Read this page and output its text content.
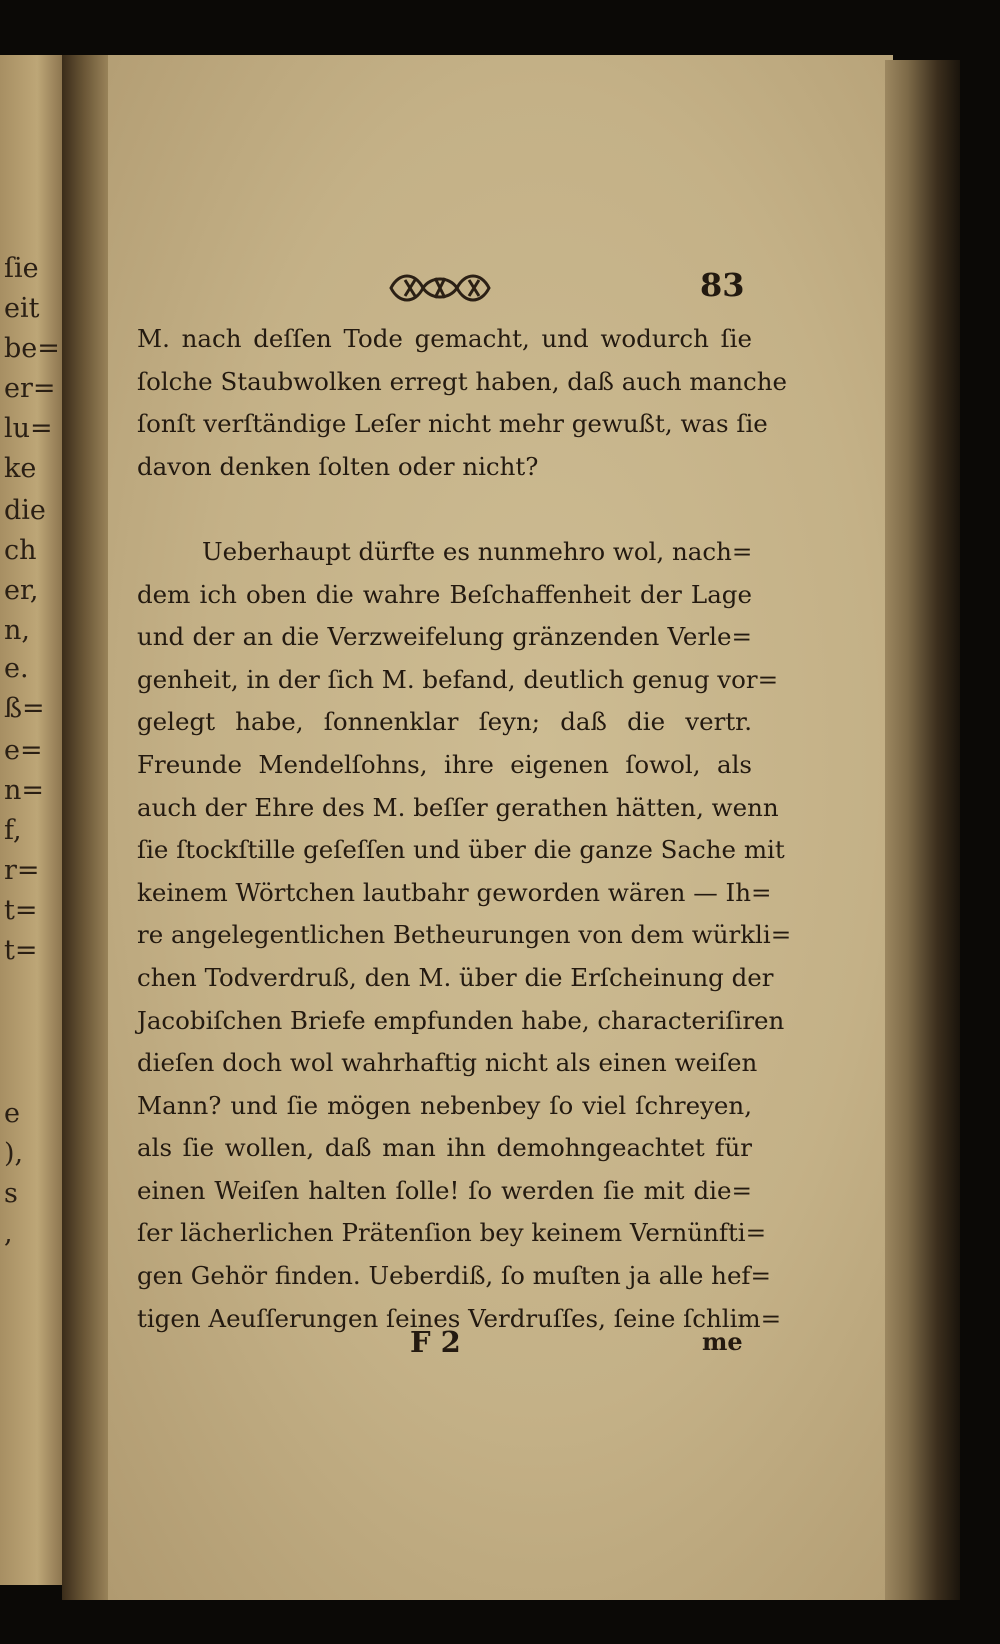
ſie
eit
be=
er=
lu=
ke
die
ch
er,
n,
e.
ß=
e=
n=
f,
r=
t=
t=
e
),
s
,
83
M. nach deſſen Tode gemacht, und wodurch ſie
ſolche Staubwolken erregt haben, daß auch manche
ſonſt verſtändige Leſer nicht mehr gewußt, was ſie
davon denken ſolten oder nicht?
Ueberhaupt dürfte es nunmehro wol, nach=
dem ich oben die wahre Beſchaffenheit der Lage
und der an die Verzweifelung gränzenden Verle=
genheit, in der ſich M. befand, deutlich genug vor=
gelegt habe, ſonnenklar ſeyn; daß die vertr.
Freunde Mendelſohns, ihre eigenen ſowol, als
auch der Ehre des M. beſſer gerathen hätten, wenn
ſie ſtockſtille geſeſſen und über die ganze Sache mit
keinem Wörtchen lautbahr geworden wären — Ih=
re angelegentlichen Betheurungen von dem würkli=
chen Todverdruß, den M. über die Erſcheinung der
Jacobiſchen Briefe empfunden habe, characteriſiren
dieſen doch wol wahrhaftig nicht als einen weiſen
Mann? und ſie mögen nebenbey ſo viel ſchreyen,
als ſie wollen, daß man ihn demohngeachtet für
einen Weiſen halten ſolle! ſo werden ſie mit die=
ſer lächerlichen Prätenſion bey keinem Vernünfti=
gen Gehör finden. Ueberdiß, ſo muſten ja alle hef=
tigen Aeuſſerungen ſeines Verdruſſes, ſeine ſchlim=
F 2	me
